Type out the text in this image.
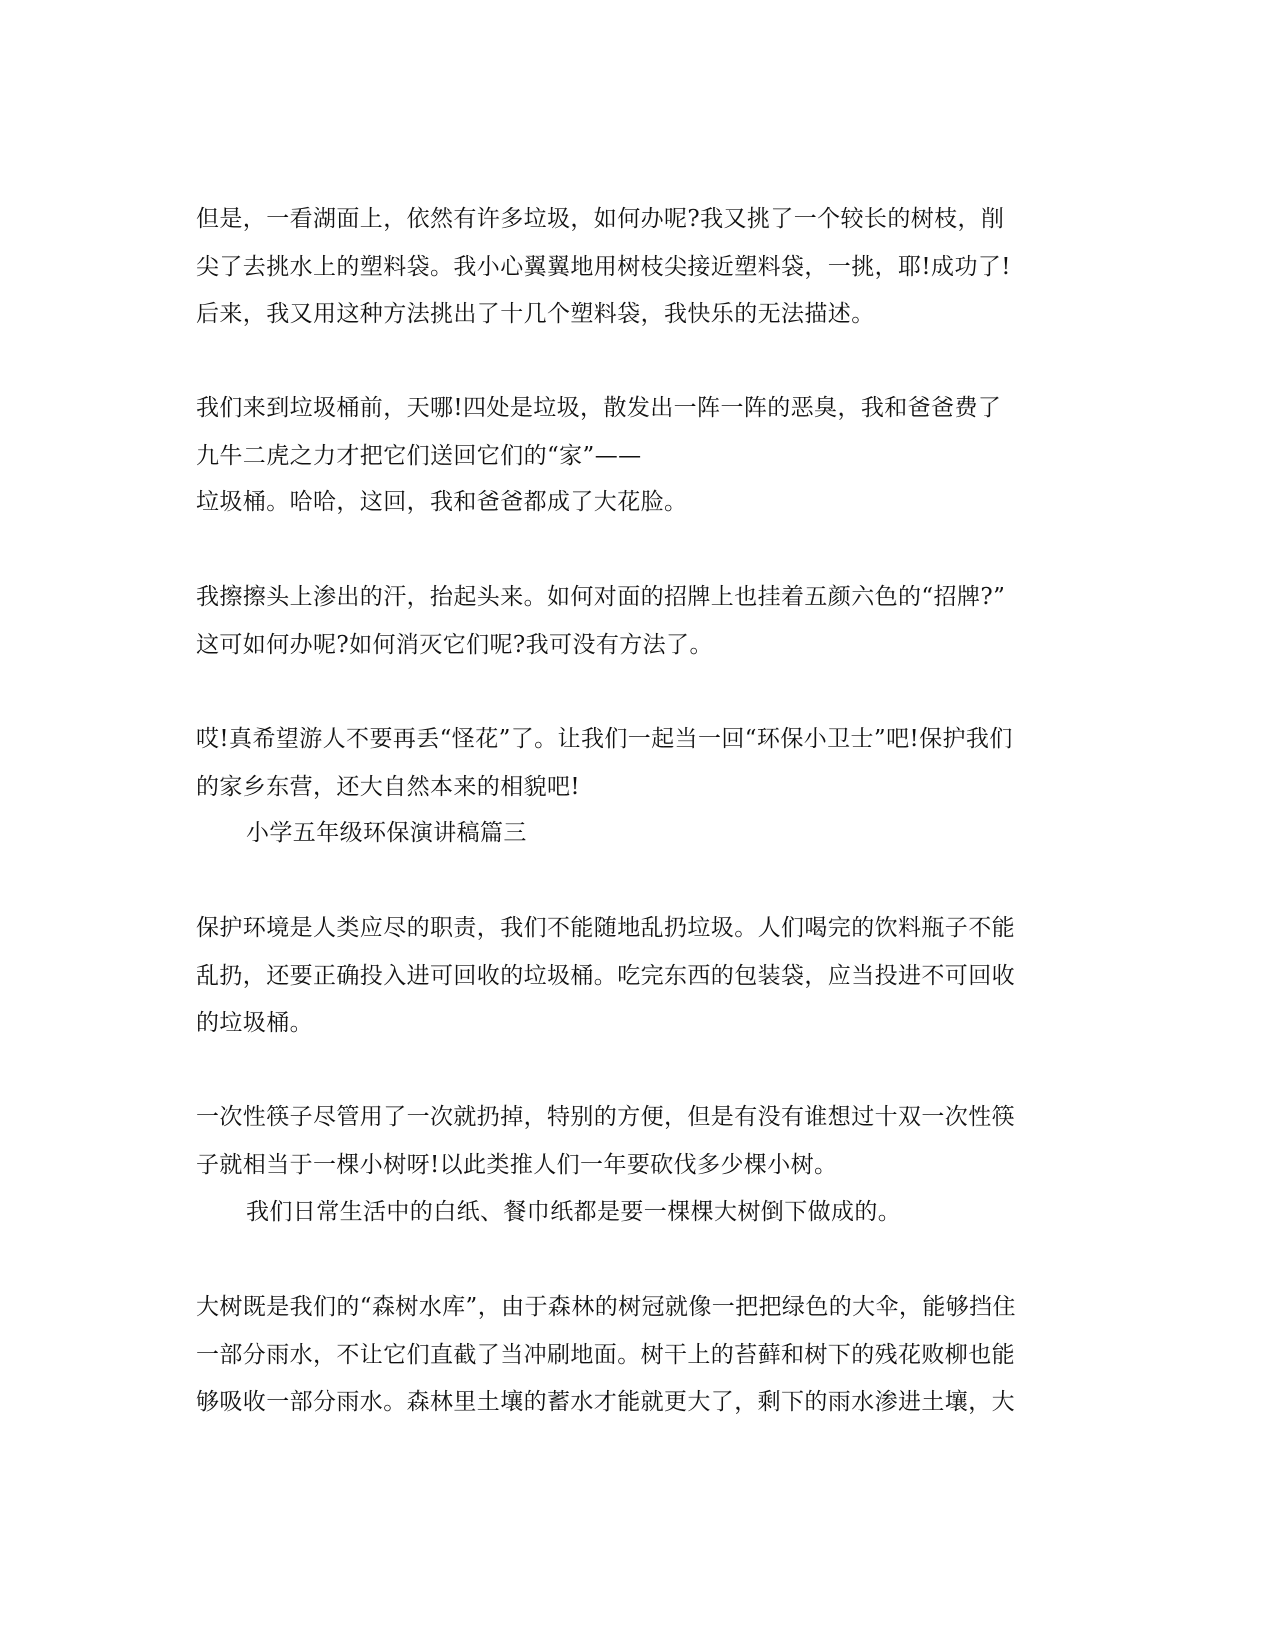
但是，一看湖面上，依然有许多垃圾，如何办呢?我又挑了一个较长的树枝，削
尖了去挑水上的塑料袋。我小心翼翼地用树枝尖接近塑料袋，一挑，耶!成功了!
后来，我又用这种方法挑出了十几个塑料袋，我快乐的无法描述。
我们来到垃圾桶前，天哪!四处是垃圾，散发出一阵一阵的恶臭，我和爸爸费了
九牛二虎之力才把它们送回它们的“家”——
垃圾桶。哈哈，这回，我和爸爸都成了大花脸。
我擦擦头上渗出的汗，抬起头来。如何对面的招牌上也挂着五颜六色的“招牌?”
这可如何办呢?如何消灭它们呢?我可没有方法了。
哎!真希望游人不要再丢“怪花”了。让我们一起当一回“环保小卫士”吧!保护我们
的家乡东营，还大自然本来的相貌吧!
小学五年级环保演讲稿篇三
保护环境是人类应尽的职责，我们不能随地乱扔垃圾。人们喝完的饮料瓶子不能
乱扔，还要正确投入进可回收的垃圾桶。吃完东西的包装袋，应当投进不可回收
的垃圾桶。
一次性筷子尽管用了一次就扔掉，特别的方便，但是有没有谁想过十双一次性筷
子就相当于一棵小树呀!以此类推人们一年要砍伐多少棵小树。
我们日常生活中的白纸、餐巾纸都是要一棵棵大树倒下做成的。
大树既是我们的“森树水库”，由于森林的树冠就像一把把绿色的大伞，能够挡住
一部分雨水，不让它们直截了当冲刷地面。树干上的苔藓和树下的残花败柳也能
够吸收一部分雨水。森林里土壤的蓄水才能就更大了，剩下的雨水渗进土壤，大
